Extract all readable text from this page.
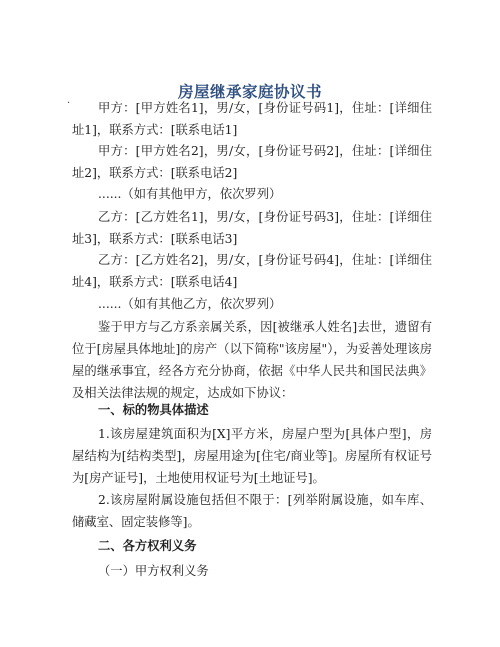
房屋继承家庭协议书
·	甲方：[甲方姓名1]，男/女，[身份证号码1]，住址：[详细住址1]，联系方式：[联系电话1]
甲方：[甲方姓名2]，男/女，[身份证号码2]，住址：[详细住址2]，联系方式：[联系电话2]
......（如有其他甲方，依次罗列）
乙方：[乙方姓名1]，男/女，[身份证号码3]，住址：[详细住址3]，联系方式：[联系电话3]
乙方：[乙方姓名2]，男/女，[身份证号码4]，住址：[详细住址4]，联系方式：[联系电话4]
......（如有其他乙方，依次罗列）
鉴于甲方与乙方系亲属关系，因[被继承人姓名]去世，遗留有位于[房屋具体地址]的房产（以下简称"该房屋"），为妥善处理该房屋的继承事宜，经各方充分协商，依据《中华人民共和国民法典》及相关法律法规的规定，达成如下协议：
一、标的物具体描述
1.该房屋建筑面积为[X]平方米，房屋户型为[具体户型]，房屋结构为[结构类型]，房屋用途为[住宅/商业等]。房屋所有权证号为[房产证号]，土地使用权证号为[土地证号]。
2.该房屋附属设施包括但不限于：[列举附属设施，如车库、储藏室、固定装修等]。
二、各方权利义务
（一）甲方权利义务
